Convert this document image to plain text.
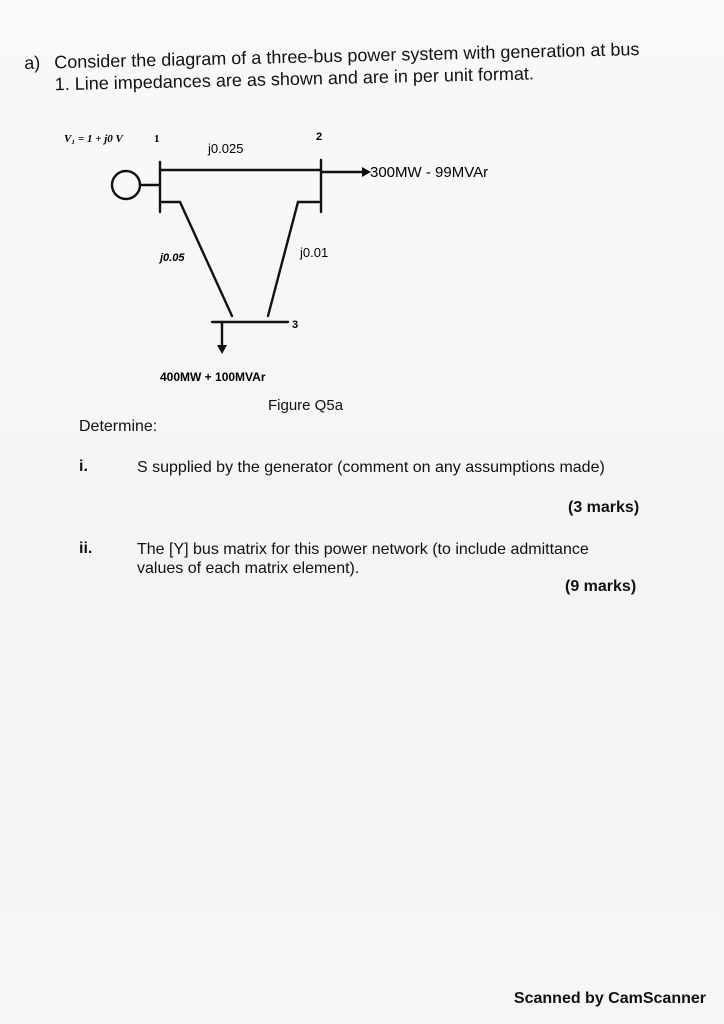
a) Consider the diagram of a three-bus power system with generation at bus
1. Line impedances are as shown and are in per unit format.
V₁ = 1 + j0 V	1	2
3
j0.025
j0.05	j0.01
300MW - 99MVAr
400MW + 100MVAr
Figure Q5a
Determine:
i.	S supplied by the generator (comment on any assumptions made)
(3 marks)
ii.	The [Y] bus matrix for this power network (to include admittance values of each matrix element).
(9 marks)
Scanned by CamScanner
